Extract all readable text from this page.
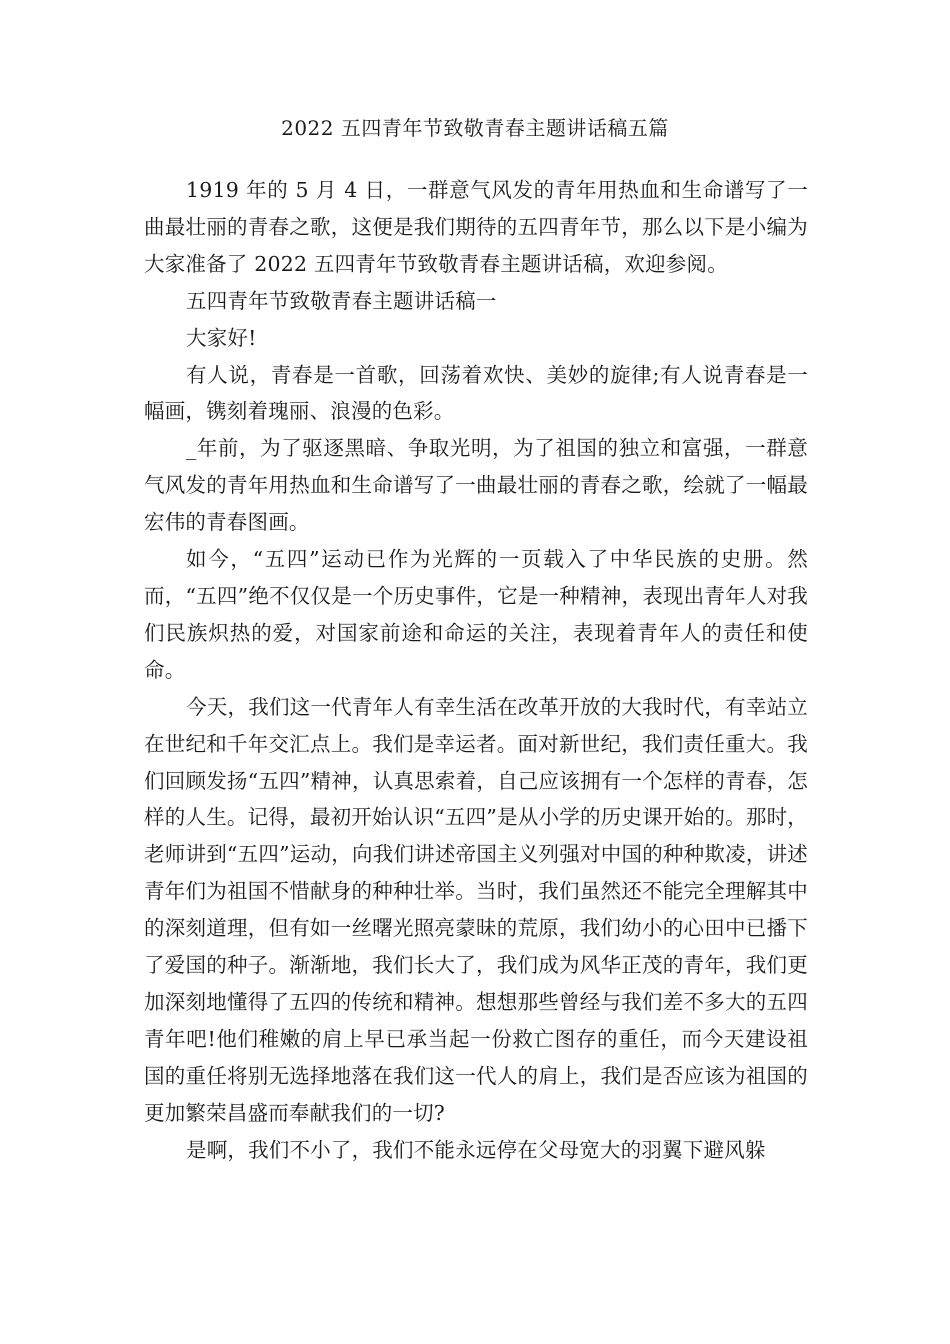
2022 五四青年节致敬青春主题讲话稿五篇

1919 年的 5 月 4 日，一群意气风发的青年用热血和生命谱写了一曲最壮丽的青春之歌，这便是我们期待的五四青年节，那么以下是小编为大家准备了 2022 五四青年节致敬青春主题讲话稿，欢迎参阅。

五四青年节致敬青春主题讲话稿一

大家好!

有人说，青春是一首歌，回荡着欢快、美妙的旋律;有人说青春是一幅画，镌刻着瑰丽、浪漫的色彩。

_年前，为了驱逐黑暗、争取光明，为了祖国的独立和富强，一群意气风发的青年用热血和生命谱写了一曲最壮丽的青春之歌，绘就了一幅最宏伟的青春图画。

如今，“五四”运动已作为光辉的一页载入了中华民族的史册。然而，“五四”绝不仅仅是一个历史事件，它是一种精神，表现出青年人对我们民族炽热的爱，对国家前途和命运的关注，表现着青年人的责任和使命。

今天，我们这一代青年人有幸生活在改革开放的大我时代，有幸站立在世纪和千年交汇点上。我们是幸运者。面对新世纪，我们责任重大。我们回顾发扬“五四”精神，认真思索着，自己应该拥有一个怎样的青春，怎样的人生。记得，最初开始认识“五四”是从小学的历史课开始的。那时，老师讲到“五四”运动，向我们讲述帝国主义列强对中国的种种欺凌，讲述青年们为祖国不惜献身的种种壮举。当时，我们虽然还不能完全理解其中的深刻道理，但有如一丝曙光照亮蒙昧的荒原，我们幼小的心田中已播下了爱国的种子。渐渐地，我们长大了，我们成为风华正茂的青年，我们更加深刻地懂得了五四的传统和精神。想想那些曾经与我们差不多大的五四青年吧!他们稚嫩的肩上早已承当起一份救亡图存的重任，而今天建设祖国的重任将别无选择地落在我们这一代人的肩上，我们是否应该为祖国的更加繁荣昌盛而奉献我们的一切?

是啊，我们不小了，我们不能永远停在父母宽大的羽翼下避风躲
